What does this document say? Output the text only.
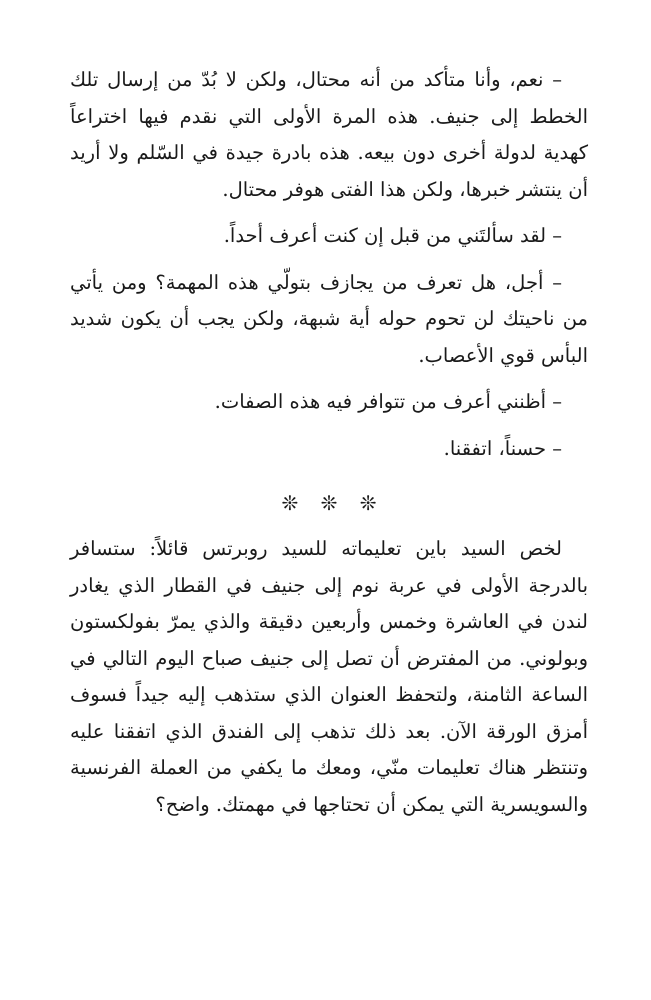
– نعم، وأنا متأكد من أنه محتال، ولكن لا بُدّ من إرسال تلك الخطط إلى جنيف. هذه المرة الأولى التي نقدم فيها اختراعاً كهدية لدولة أخرى دون بيعه. هذه بادرة جيدة في السّلم ولا أريد أن ينتشر خبرها، ولكن هذا الفتى هوفر محتال.

– لقد سألتَني من قبل إن كنت أعرف أحداً.

– أجل، هل تعرف من يجازف بتولّي هذه المهمة؟ ومن يأتي من ناحيتك لن تحوم حوله أية شبهة، ولكن يجب أن يكون شديد البأس قوي الأعصاب.

– أظنني أعرف من تتوافر فيه هذه الصفات.

– حسناً، اتفقنا.

❊ ❊ ❊

لخص السيد باين تعليماته للسيد روبرتس قائلاً: ستسافر بالدرجة الأولى في عربة نوم إلى جنيف في القطار الذي يغادر لندن في العاشرة وخمس وأربعين دقيقة والذي يمرّ بفولكستون وبولوني. من المفترض أن تصل إلى جنيف صباح اليوم التالي في الساعة الثامنة، ولتحفظ العنوان الذي ستذهب إليه جيداً فسوف أمزق الورقة الآن. بعد ذلك تذهب إلى الفندق الذي اتفقنا عليه وتنتظر هناك تعليمات منّي، ومعك ما يكفي من العملة الفرنسية والسويسرية التي يمكن أن تحتاجها في مهمتك. واضح؟
